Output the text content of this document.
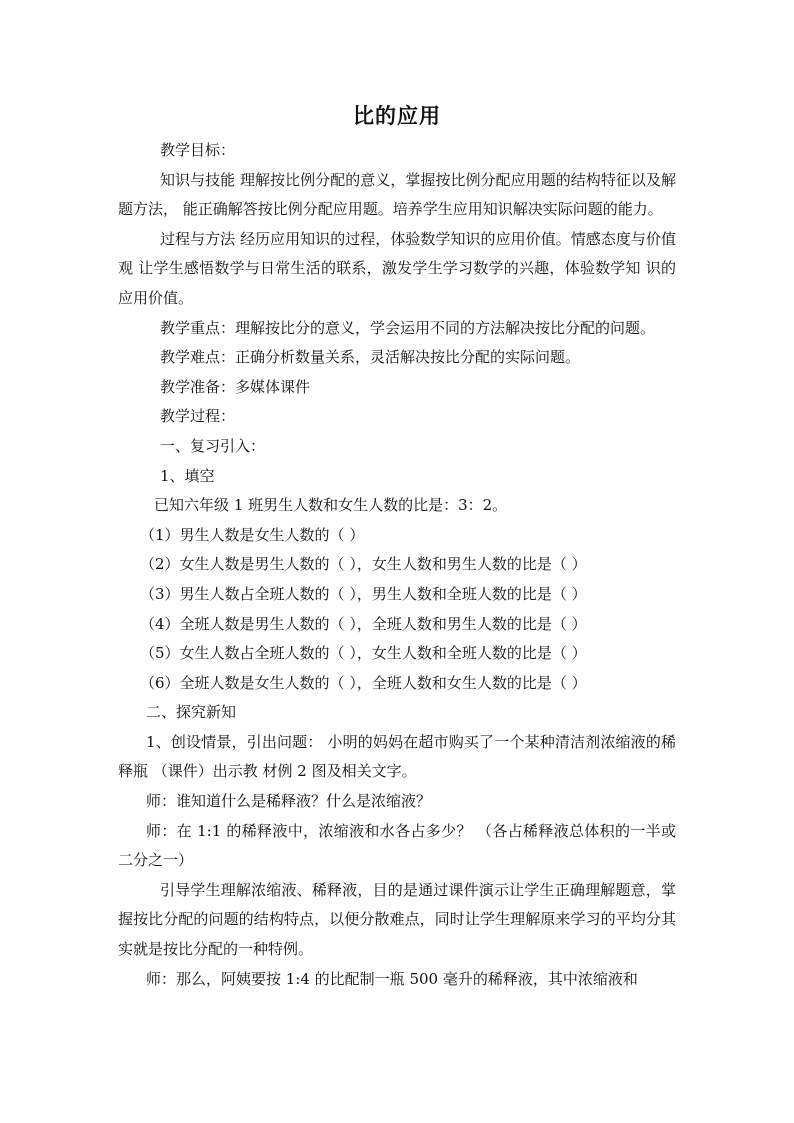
比的应用

教学目标：

知识与技能 理解按比例分配的意义，掌握按比例分配应用题的结构特征以及解题方法， 能正确解答按比例分配应用题。培养学生应用知识解决实际问题的能力。

过程与方法 经历应用知识的过程，体验数学知识的应用价值。情感态度与价值观 让学生感悟数学与日常生活的联系，激发学生学习数学的兴趣，体验数学知 识的应用价值。

教学重点：理解按比分的意义，学会运用不同的方法解决按比分配的问题。

教学难点：正确分析数量关系，灵活解决按比分配的实际问题。

教学准备：多媒体课件

教学过程：

一、复习引入：

1、填空

已知六年级 1 班男生人数和女生人数的比是：3：2。

（1）男生人数是女生人数的（ ）

（2）女生人数是男生人数的（ ），女生人数和男生人数的比是（ ）

（3）男生人数占全班人数的（ ），男生人数和全班人数的比是（ ）

（4）全班人数是男生人数的（ ），全班人数和男生人数的比是（ ）

（5）女生人数占全班人数的（ ），女生人数和全班人数的比是（ ）

（6）全班人数是女生人数的（ ），全班人数和女生人数的比是（ ）

二、探究新知

1、创设情景，引出问题： 小明的妈妈在超市购买了一个某种清洁剂浓缩液的稀释瓶 （课件）出示教 材例 2 图及相关文字。

师：谁知道什么是稀释液？什么是浓缩液？

师：在 1:1 的稀释液中，浓缩液和水各占多少？ （各占稀释液总体积的一半或二分之一）

引导学生理解浓缩液、稀释液，目的是通过课件演示让学生正确理解题意，掌握按比分配的问题的结构特点，以便分散难点，同时让学生理解原来学习的平均分其实就是按比分配的一种特例。

师：那么，阿姨要按 1:4 的比配制一瓶 500 毫升的稀释液，其中浓缩液和
